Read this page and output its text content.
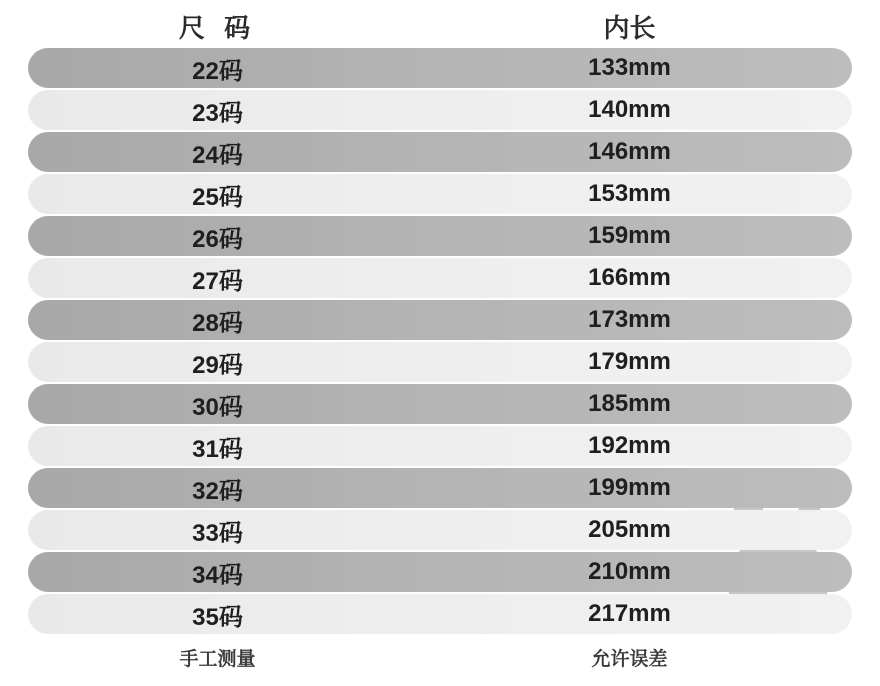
尺 码	内长
22码	133mm
23码	140mm
24码	146mm
25码	153mm
26码	159mm
27码	166mm
28码	173mm
29码	179mm
30码	185mm
31码	192mm
32码	199mm
33码	205mm
34码	210mm
35码	217mm
手工测量	允许误差
